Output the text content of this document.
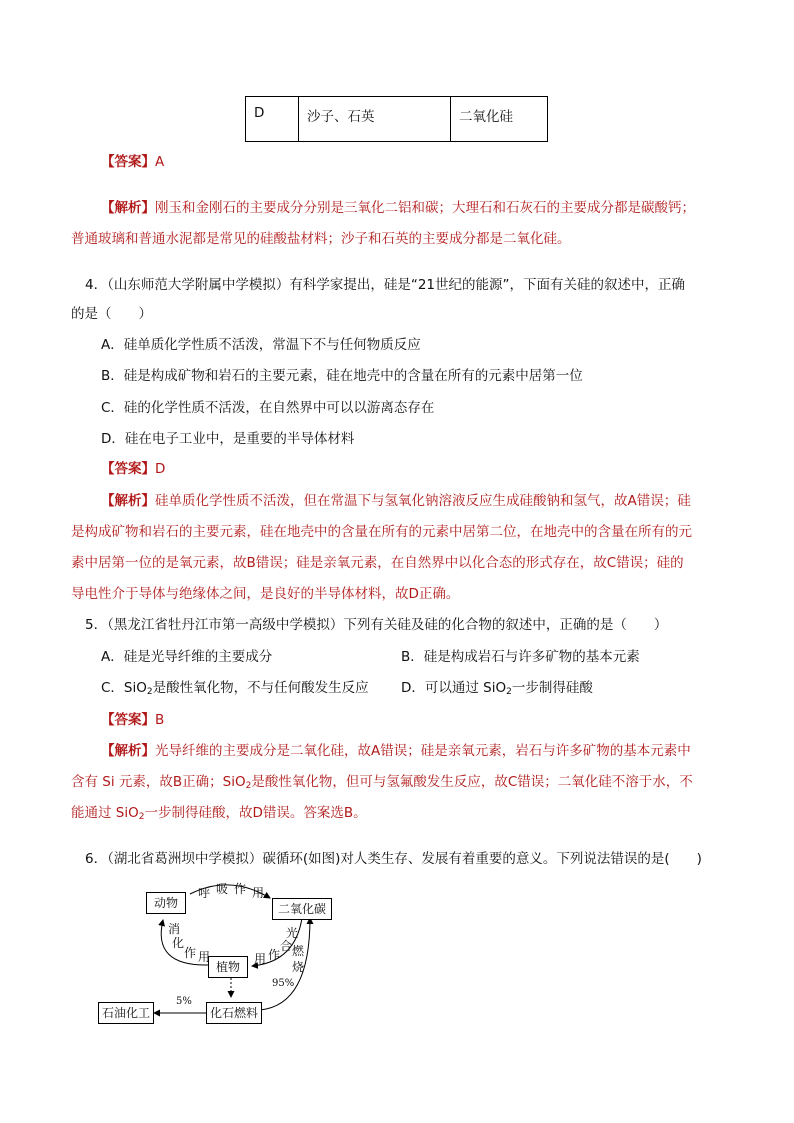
D	沙子、石英	二氧化硅
【答案】A
【解析】刚玉和金刚石的主要成分分别是三氧化二铝和碳；大理石和石灰石的主要成分都是碳酸钙；
普通玻璃和普通水泥都是常见的硅酸盐材料；沙子和石英的主要成分都是二氧化硅。
4．（山东师范大学附属中学模拟）有科学家提出，硅是“21世纪的能源”，下面有关硅的叙述中，正确
的是（　　）
A．硅单质化学性质不活泼，常温下不与任何物质反应
B．硅是构成矿物和岩石的主要元素，硅在地壳中的含量在所有的元素中居第一位
C．硅的化学性质不活泼，在自然界中可以以游离态存在
D．硅在电子工业中，是重要的半导体材料
【答案】D
【解析】硅单质化学性质不活泼，但在常温下与氢氧化钠溶液反应生成硅酸钠和氢气，故A错误；硅
是构成矿物和岩石的主要元素，硅在地壳中的含量在所有的元素中居第二位，在地壳中的含量在所有的元
素中居第一位的是氧元素，故B错误；硅是亲氧元素，在自然界中以化合态的形式存在，故C错误；硅的
导电性介于导体与绝缘体之间，是良好的半导体材料，故D正确。
5．（黑龙江省牡丹江市第一高级中学模拟）下列有关硅及硅的化合物的叙述中，正确的是（　　）
A．硅是光导纤维的主要成分	B．硅是构成岩石与许多矿物的基本元素
C．SiO$_2$是酸性氧化物，不与任何酸发生反应 D．可以通过 SiO$_2$一步制得硅酸
【答案】B
【解析】光导纤维的主要成分是二氧化硅，故A错误；硅是亲氧元素，岩石与许多矿物的基本元素中
含有 Si 元素，故B正确；SiO$_2$是酸性氧化物，但可与氢氟酸发生反应，故C错误；二氧化硅不溶于水，不
能通过 SiO$_2$一步制得硅酸，故D错误。答案选B。
6．（湖北省葛洲坝中学模拟）碳循环(如图)对人类生存、发展有着重要的意义。下列说法错误的是(　　)
动物	二氧化碳
植物
化石燃料
石油化工
呼 吸 作 用
消
化
作 用
光
合
作
用
燃
烧
95%
5%
